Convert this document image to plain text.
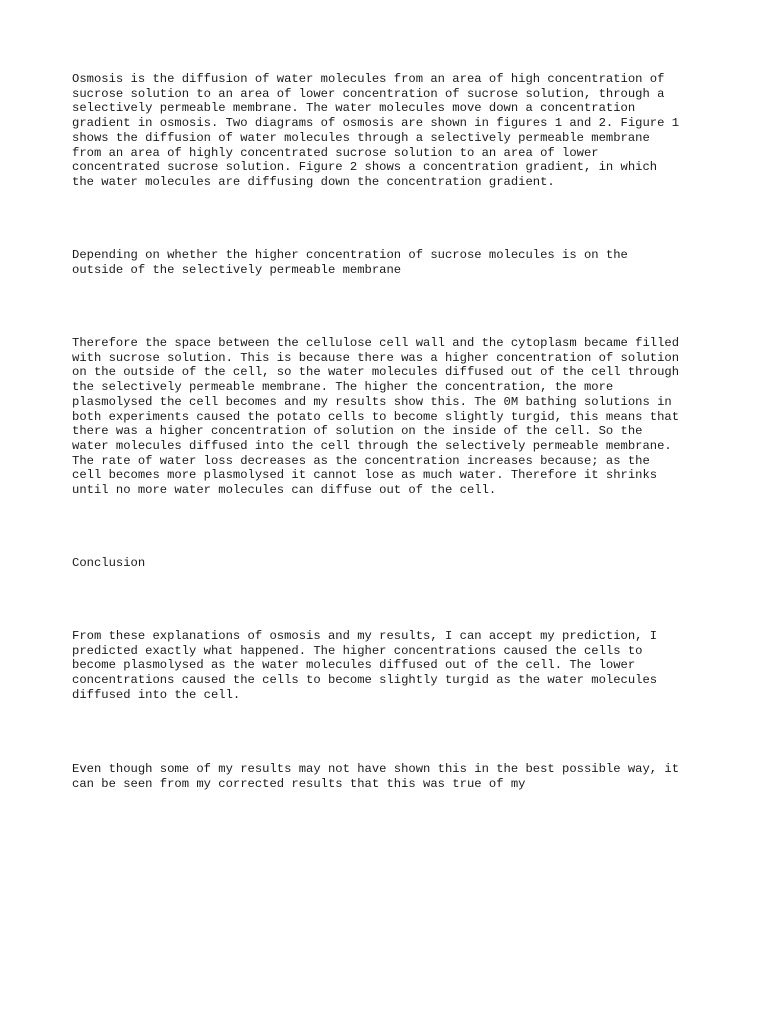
Osmosis is the diffusion of water molecules from an area of high concentration of
sucrose solution to an area of lower concentration of sucrose solution, through a
selectively permeable membrane. The water molecules move down a concentration
gradient in osmosis. Two diagrams of osmosis are shown in figures 1 and 2. Figure 1
shows the diffusion of water molecules through a selectively permeable membrane
from an area of highly concentrated sucrose solution to an area of lower
concentrated sucrose solution. Figure 2 shows a concentration gradient, in which
the water molecules are diffusing down the concentration gradient.

Depending on whether the higher concentration of sucrose molecules is on the
outside of the selectively permeable membrane

Therefore the space between the cellulose cell wall and the cytoplasm became filled
with sucrose solution. This is because there was a higher concentration of solution
on the outside of the cell, so the water molecules diffused out of the cell through
the selectively permeable membrane. The higher the concentration, the more
plasmolysed the cell becomes and my results show this. The 0M bathing solutions in
both experiments caused the potato cells to become slightly turgid, this means that
there was a higher concentration of solution on the inside of the cell. So the
water molecules diffused into the cell through the selectively permeable membrane.
The rate of water loss decreases as the concentration increases because; as the
cell becomes more plasmolysed it cannot lose as much water. Therefore it shrinks
until no more water molecules can diffuse out of the cell.

Conclusion

From these explanations of osmosis and my results, I can accept my prediction, I
predicted exactly what happened. The higher concentrations caused the cells to
become plasmolysed as the water molecules diffused out of the cell. The lower
concentrations caused the cells to become slightly turgid as the water molecules
diffused into the cell.

Even though some of my results may not have shown this in the best possible way, it
can be seen from my corrected results that this was true of my
